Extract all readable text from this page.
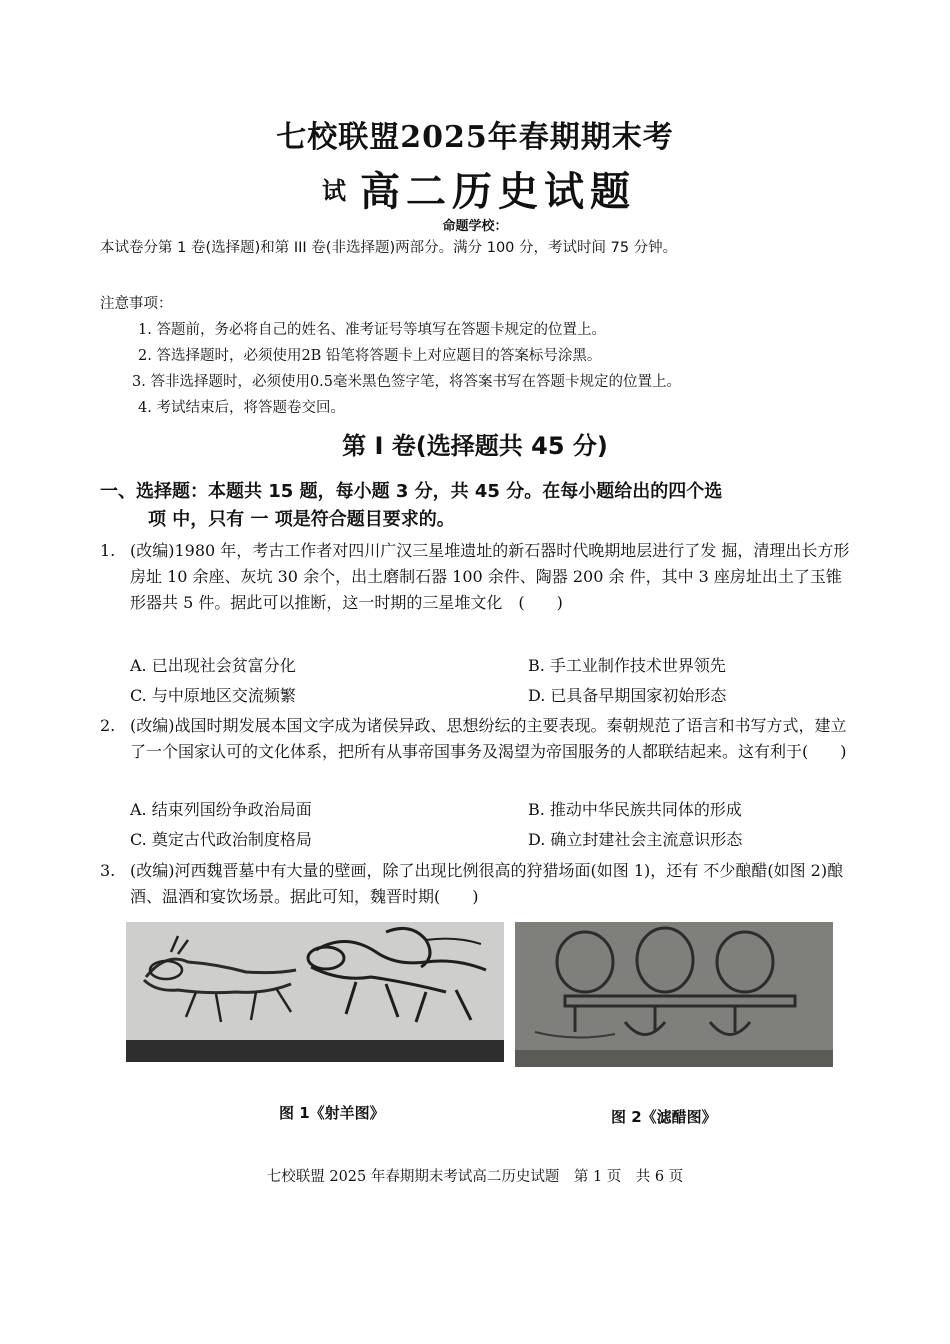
七校联盟2025年春期期末考
试 高二历史试题
命题学校：
本试卷分第 1 卷(选择题)和第 III 卷(非选择题)两部分。满分 100 分，考试时间 75 分钟。
注意事项：
1. 答题前，务必将自己的姓名、准考证号等填写在答题卡规定的位置上。
2. 答选择题时，必须使用2B 铅笔将答题卡上对应题目的答案标号涂黑。
3. 答非选择题时，必须使用0.5毫米黑色签字笔，将答案书写在答题卡规定的位置上。
4. 考试结束后，将答题卷交回。
第 I 卷(选择题共 45 分)
一、选择题：本题共 15 题，每小题 3 分，共 45 分。在每小题给出的四个选
项 中，只有 一 项是符合题目要求的。
1. (改编)1980 年，考古工作者对四川广汉三星堆遗址的新石器时代晚期地层进行了发 掘，清理出长方形房址 10 余座、灰坑 30 余个，出土磨制石器 100 余件、陶器 200 余 件，其中 3 座房址出土了玉锥形器共 5 件。据此可以推断，这一时期的三星堆文化　(　　)
A. 已出现社会贫富分化	B. 手工业制作技术世界领先
C. 与中原地区交流频繁	D. 已具备早期国家初始形态
2. (改编)战国时期发展本国文字成为诸侯异政、思想纷纭的主要表现。秦朝规范了语言和书写方式，建立了一个国家认可的文化体系，把所有从事帝国事务及渴望为帝国服务的人都联结起来。这有利于(　　)
A. 结束列国纷争政治局面	B. 推动中华民族共同体的形成
C. 奠定古代政治制度格局	D. 确立封建社会主流意识形态
3. (改编)河西魏晋墓中有大量的壁画，除了出现比例很高的狩猎场面(如图 1)，还有 不少酿醋(如图 2)酿酒、温酒和宴饮场景。据此可知，魏晋时期(　　)
图 1《射羊图》	图 2《滤醋图》
七校联盟 2025 年春期期末考试高二历史试题　第 1 页　共 6 页
